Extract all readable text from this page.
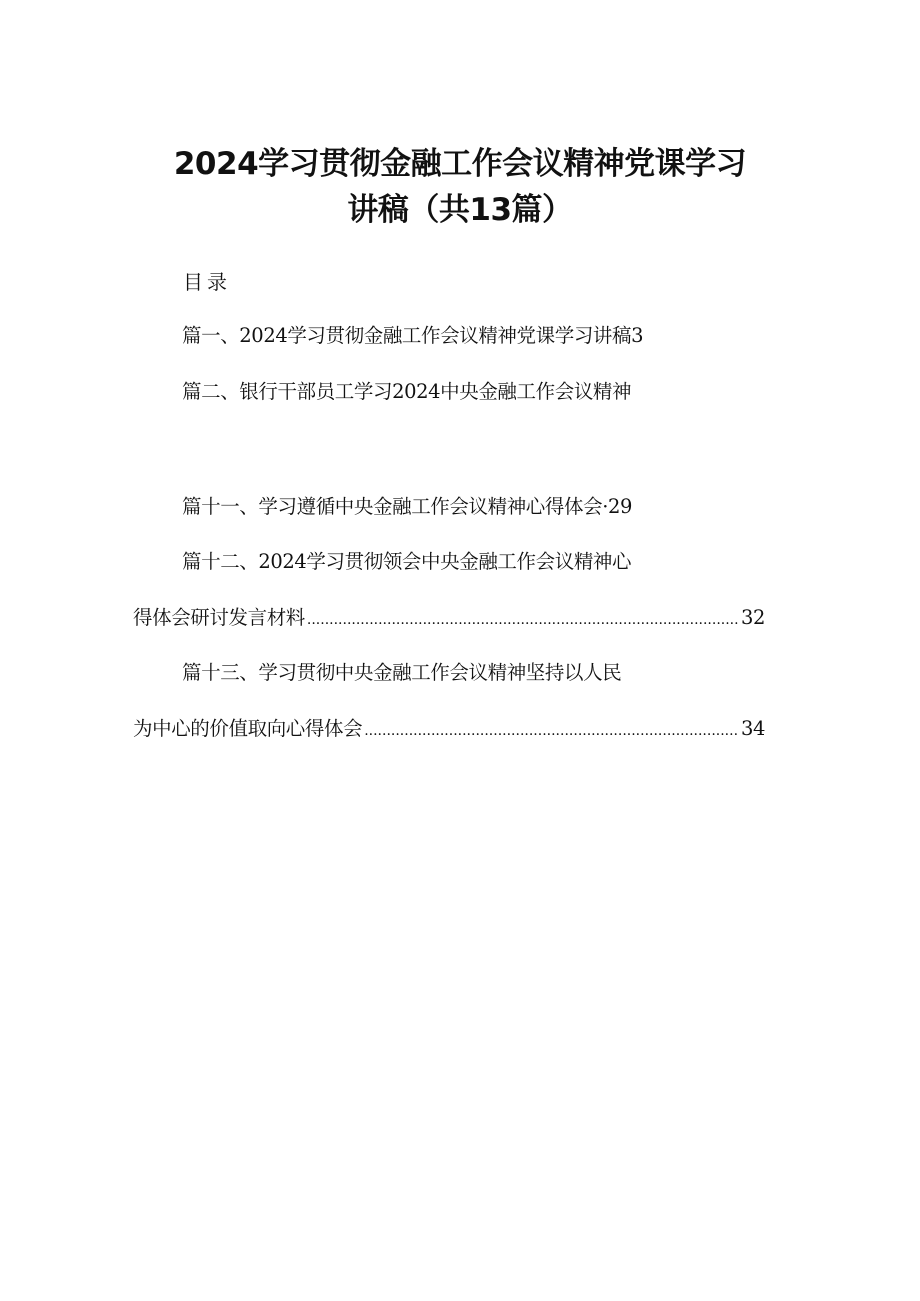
2024学习贯彻金融工作会议精神党课学习
讲稿（共13篇）
目录
篇一、2024学习贯彻金融工作会议精神党课学习讲稿3
篇二、银行干部员工学习2024中央金融工作会议精神
篇十一、学习遵循中央金融工作会议精神心得体会·29
篇十二、2024学习贯彻领会中央金融工作会议精神心
得体会研讨发言材料 .....	32
篇十三、学习贯彻中央金融工作会议精神坚持以人民
为中心的价值取向心得体会 .....	34
